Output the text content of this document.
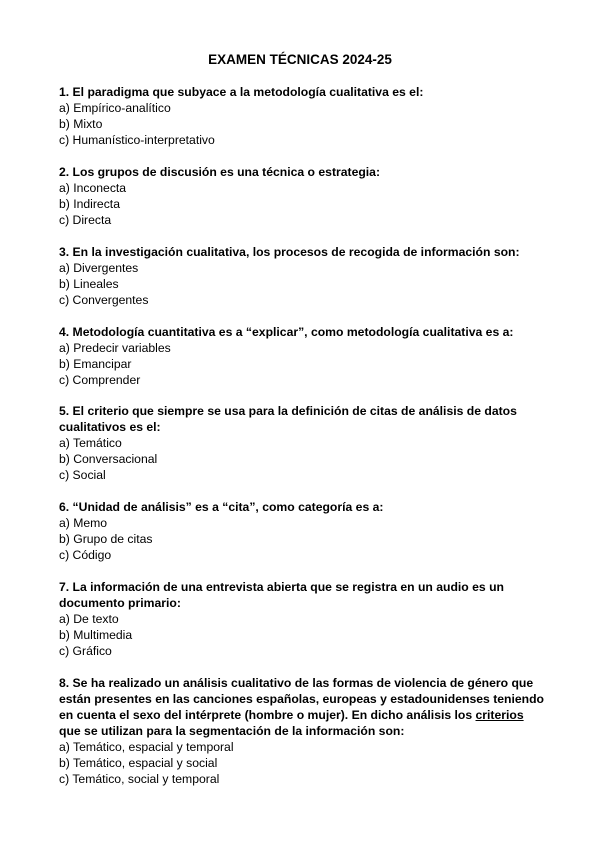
EXAMEN TÉCNICAS 2024-25
1. El paradigma que subyace a la metodología cualitativa es el:
a) Empírico-analítico
b) Mixto
c) Humanístico-interpretativo
2. Los grupos de discusión es una técnica o estrategia:
a) Inconecta
b) Indirecta
c) Directa
3. En la investigación cualitativa, los procesos de recogida de información son:
a) Divergentes
b) Lineales
c) Convergentes
4. Metodología cuantitativa es a “explicar”, como metodología cualitativa es a:
a) Predecir variables
b) Emancipar
c) Comprender
5. El criterio que siempre se usa para la definición de citas de análisis de datos
cualitativos es el:
a) Temático
b) Conversacional
c) Social
6. “Unidad de análisis” es a “cita”, como categoría es a:
a) Memo
b) Grupo de citas
c) Código
7. La información de una entrevista abierta que se registra en un audio es un
documento primario:
a) De texto
b) Multimedia
c) Gráfico
8. Se ha realizado un análisis cualitativo de las formas de violencia de género que
están presentes en las canciones españolas, europeas y estadounidenses teniendo
en cuenta el sexo del intérprete (hombre o mujer). En dicho análisis los criterios
que se utilizan para la segmentación de la información son:
a) Temático, espacial y temporal
b) Temático, espacial y social
c) Temático, social y temporal
